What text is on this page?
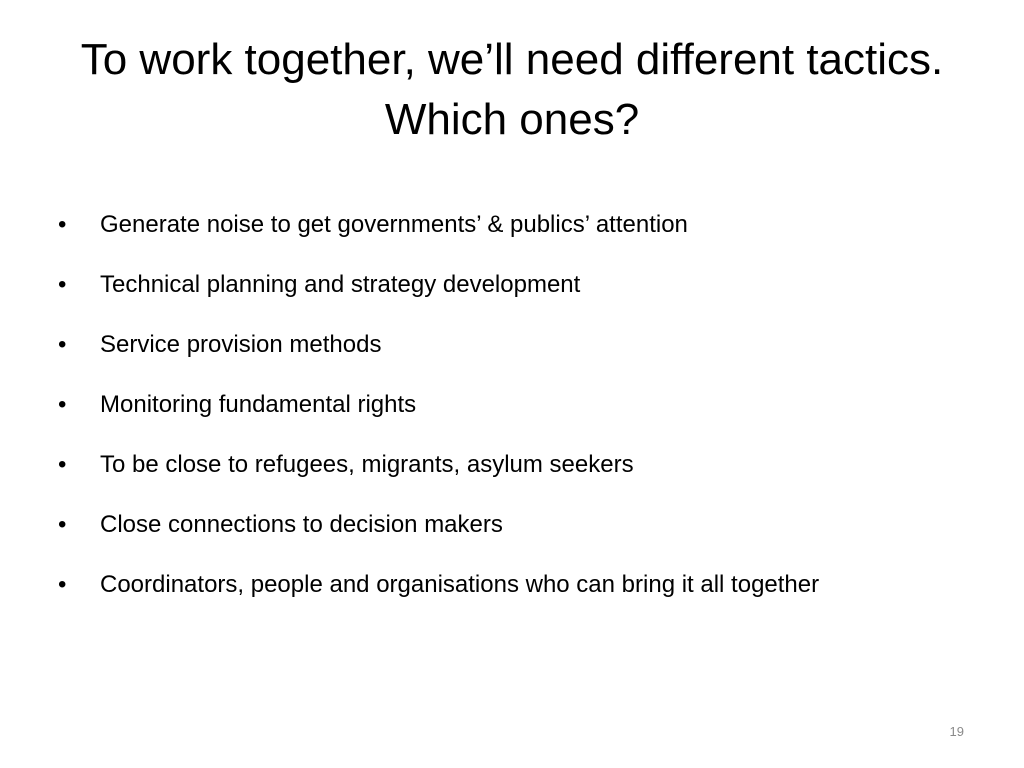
To work together, we’ll need different tactics. Which ones?
•	Generate noise to get governments’ & publics’ attention
•	Technical planning and strategy development
•	Service provision methods
•	Monitoring fundamental rights
•	To be close to refugees, migrants, asylum seekers
•	Close connections to decision makers
•	Coordinators, people and organisations who can bring it all together
19
